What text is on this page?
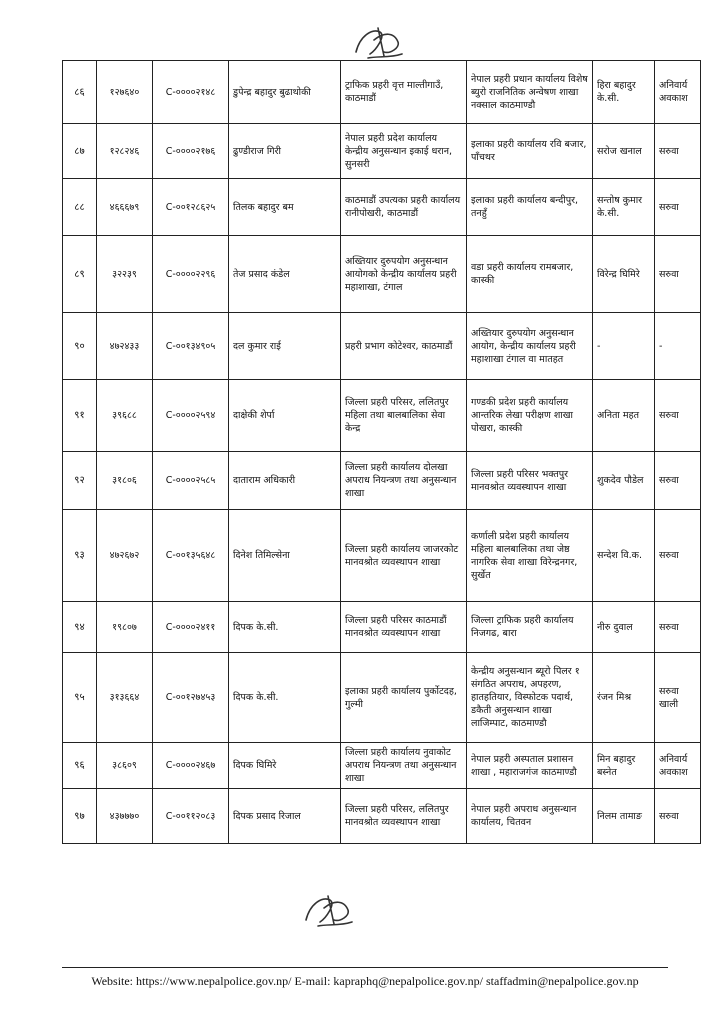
८६	१२७६४०	C-००००२१४८	डुपेन्द्र बहादुर बुढाथोकी	ट्राफिक प्रहरी वृत्त माल्तीगाउँ, काठमाडौं	नेपाल प्रहरी प्रधान कार्यालय विशेष ब्युरो राजनितिक अन्वेषण शाखा नक्साल काठमाण्डौ	हिरा बहादुर के.सी.	अनिवार्य अवकाश
८७	१२८२४६	C-००००२१७६	ढुण्डीराज गिरी	नेपाल प्रहरी प्रदेश कार्यालय केन्द्रीय अनुसन्धान इकाई धरान, सुनसरी	इलाका प्रहरी कार्यालय रवि बजार, पाँचथर	सरोज खनाल	सरुवा
८८	४६६६७९	C-००१२८६२५	तिलक बहादुर बम	काठमाडौं उपत्यका प्रहरी कार्यालय रानीपोखरी, काठमाडौं	इलाका प्रहरी कार्यालय बन्दीपुर, तनहुँ	सन्तोष कुमार के.सी.	सरुवा
८९	३२२३९	C-००००२२९६	तेज प्रसाद कंडेल	अख्तियार दुरुपयोग अनुसन्धान आयोगको केन्द्रीय कार्यालय प्रहरी महाशाखा, टंगाल	वडा प्रहरी कार्यालय रामबजार, कास्की	विरेन्द्र घिमिरे	सरुवा
९०	४७२४३३	C-००१३४९०५	दल कुमार राई	प्रहरी प्रभाग कोटेश्वर, काठमाडौं	अख्तियार दुरुपयोग अनुसन्धान आयोग, केन्द्रीय कार्यालय प्रहरी महाशाखा टंगाल वा मातहत	-	-
९१	३९६८८	C-००००२५९४	दाक्षेकी शेर्पा	जिल्ला प्रहरी परिसर, ललितपुर महिला तथा बालबालिका सेवा केन्द्र	गण्डकी प्रदेश प्रहरी कार्यालय आन्तरिक लेखा परीक्षण शाखा पोखरा, कास्की	अनिता महत	सरुवा
९२	३१८०६	C-००००२५८५	दाताराम अधिकारी	जिल्ला प्रहरी कार्यालय दोलखा अपराध नियन्त्रण तथा अनुसन्धान शाखा	जिल्ला प्रहरी परिसर भक्तपुर मानवश्रोत व्यवस्थापन शाखा	शुकदेव पौडेल	सरुवा
९३	४७२६७२	C-००१३५६४८	दिनेश तिमिल्सेना	जिल्ला प्रहरी कार्यालय जाजरकोट मानवश्रोत व्यवस्थापन शाखा	कर्णाली प्रदेश प्रहरी कार्यालय महिला बालबालिका तथा जेष्ठ नागरिक सेवा शाखा विरेन्द्रनगर, सुर्खेत	सन्देश वि.क.	सरुवा
९४	१९८०७	C-००००२४११	दिपक के.सी.	जिल्ला प्रहरी परिसर काठमाडौं मानवश्रोत व्यवस्थापन शाखा	जिल्ला ट्राफिक प्रहरी कार्यालय निजगढ, बारा	नीरु दुवाल	सरुवा
९५	३१३६६४	C-००१२७४५३	दिपक के.सी.	इलाका प्रहरी कार्यालय पुर्कोटदह, गुल्मी	केन्द्रीय अनुसन्धान ब्यूरो पिलर १ संगठित अपराध, अपहरण, हातहतियार, विस्फोटक पदार्थ, डकैती अनुसन्धान शाखा लाजिम्पाट, काठमाण्डौ	रंजन मिश्र	सरुवा खाली
९६	३८६०९	C-००००२४६७	दिपक घिमिरे	जिल्ला प्रहरी कार्यालय नुवाकोट अपराध नियन्त्रण तथा अनुसन्धान शाखा	नेपाल प्रहरी अस्पताल प्रशासन शाखा , महाराजगंज काठमाण्डौ	मिन बहादुर बस्नेत	अनिवार्य अवकाश
९७	४३७७७०	C-००११२०८३	दिपक प्रसाद रिजाल	जिल्ला प्रहरी परिसर, ललितपुर मानवश्रोत व्यवस्थापन शाखा	नेपाल प्रहरी अपराध अनुसन्धान कार्यालय, चितवन	निलम तामाङ	सरुवा
Website: https://www.nepalpolice.gov.np/ E-mail: kapraphq@nepalpolice.gov.np/ staffadmin@nepalpolice.gov.np
